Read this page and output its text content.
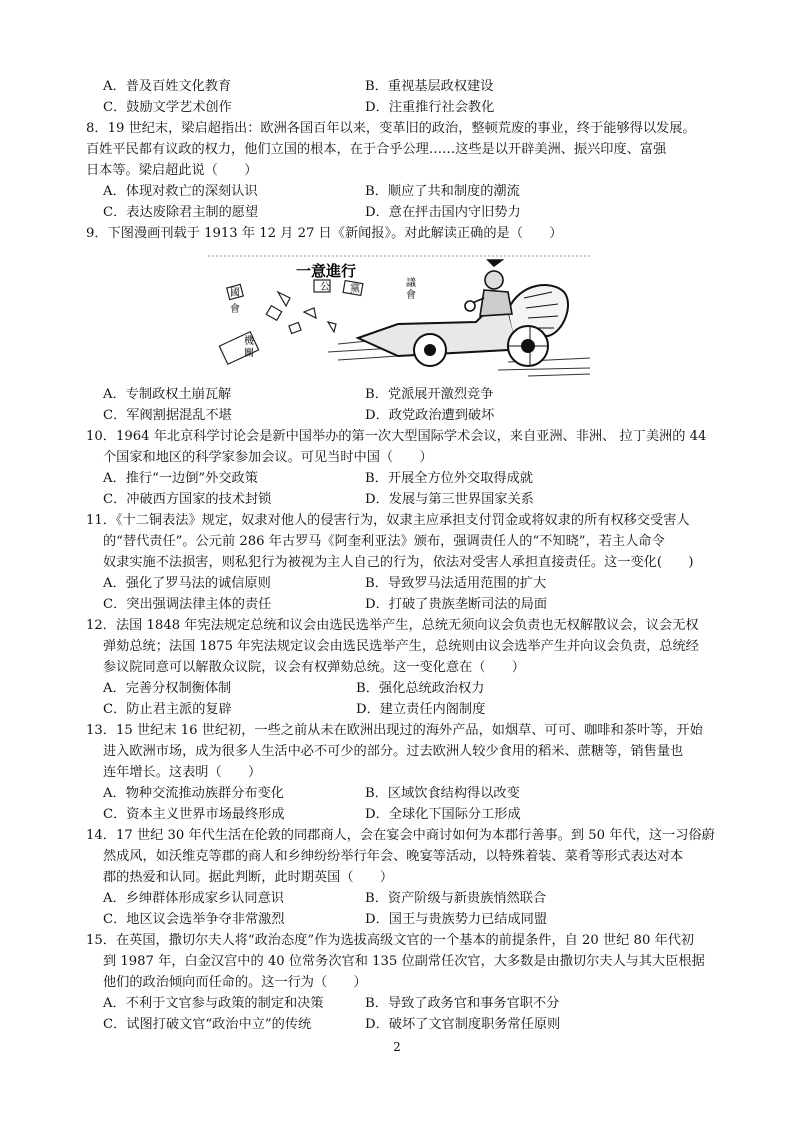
A．普及百姓文化教育	B．重视基层政权建设
C．鼓励文学艺术创作	D．注重推行社会教化
8．19 世纪末，梁启超指出：欧洲各国百年以来，变革旧的政治，整顿荒废的事业，终于能够得以发展。
百姓平民都有议政的权力，他们立国的根本，在于合乎公理……这些是以开辟美洲、振兴印度、富强
日本等。梁启超此说（　　）
A．体现对救亡的深刻认识	B．顺应了共和制度的潮流
C．表达废除君主制的愿望	D．意在抨击国内守旧势力
9．下图漫画刊载于 1913 年 12 月 27 日《新闻报》。对此解读正确的是（　　）
一意進行
國
會
公 黨
議
會
機
關
A．专制政权土崩瓦解	B．党派展开激烈竞争
C．军阀割据混乱不堪	D．政党政治遭到破坏
10．1964 年北京科学讨论会是新中国举办的第一次大型国际学术会议，来自亚洲、非洲、 拉丁美洲的 44
个国家和地区的科学家参加会议。可见当时中国（　　）
A．推行“一边倒”外交政策	B．开展全方位外交取得成就
C．冲破西方国家的技术封锁	D．发展与第三世界国家关系
11．《十二铜表法》规定，奴隶对他人的侵害行为，奴隶主应承担支付罚金或将奴隶的所有权移交受害人
的“替代责任”。公元前 286 年古罗马《阿奎利亚法》颁布，强调责任人的“不知晓”，若主人命令
奴隶实施不法损害，则私犯行为被视为主人自己的行为，依法对受害人承担直接责任。这一变化(　　)
A．强化了罗马法的诚信原则	B．导致罗马法适用范围的扩大
C．突出强调法律主体的责任	D．打破了贵族垄断司法的局面
12．法国 1848 年宪法规定总统和议会由选民选举产生，总统无须向议会负责也无权解散议会，议会无权
弹劾总统；法国 1875 年宪法规定议会由选民选举产生，总统则由议会选举产生并向议会负责，总统经
参议院同意可以解散众议院，议会有权弹劾总统。这一变化意在（　　）
A．完善分权制衡体制	B．强化总统政治权力
C．防止君主派的复辟	D．建立责任内阁制度
13．15 世纪末 16 世纪初，一些之前从未在欧洲出现过的海外产品，如烟草、可可、咖啡和茶叶等，开始
进入欧洲市场，成为很多人生活中必不可少的部分。过去欧洲人较少食用的稻米、蔗糖等，销售量也
连年增长。这表明（　　）
A．物种交流推动族群分布变化	B．区域饮食结构得以改变
C．资本主义世界市场最终形成	D．全球化下国际分工形成
14．17 世纪 30 年代生活在伦敦的同郡商人，会在宴会中商讨如何为本郡行善事。到 50 年代，这一习俗蔚
然成风，如沃维克等郡的商人和乡绅纷纷举行年会、晚宴等活动，以特殊着装、菜肴等形式表达对本
郡的热爱和认同。据此判断，此时期英国（　　）
A．乡绅群体形成家乡认同意识	B．资产阶级与新贵族悄然联合
C．地区议会选举争夺非常激烈	D．国王与贵族势力已结成同盟
15．在英国，撒切尔夫人将“政治态度”作为选拔高级文官的一个基本的前提条件，自 20 世纪 80 年代初
到 1987 年，白金汉宫中的 40 位常务次官和 135 位副常任次官，大多数是由撒切尔夫人与其大臣根据
他们的政治倾向而任命的。这一行为（　　）
A．不利于文官参与政策的制定和决策	B．导致了政务官和事务官职不分
C．试图打破文官“政治中立”的传统	D．破坏了文官制度职务常任原则
2
